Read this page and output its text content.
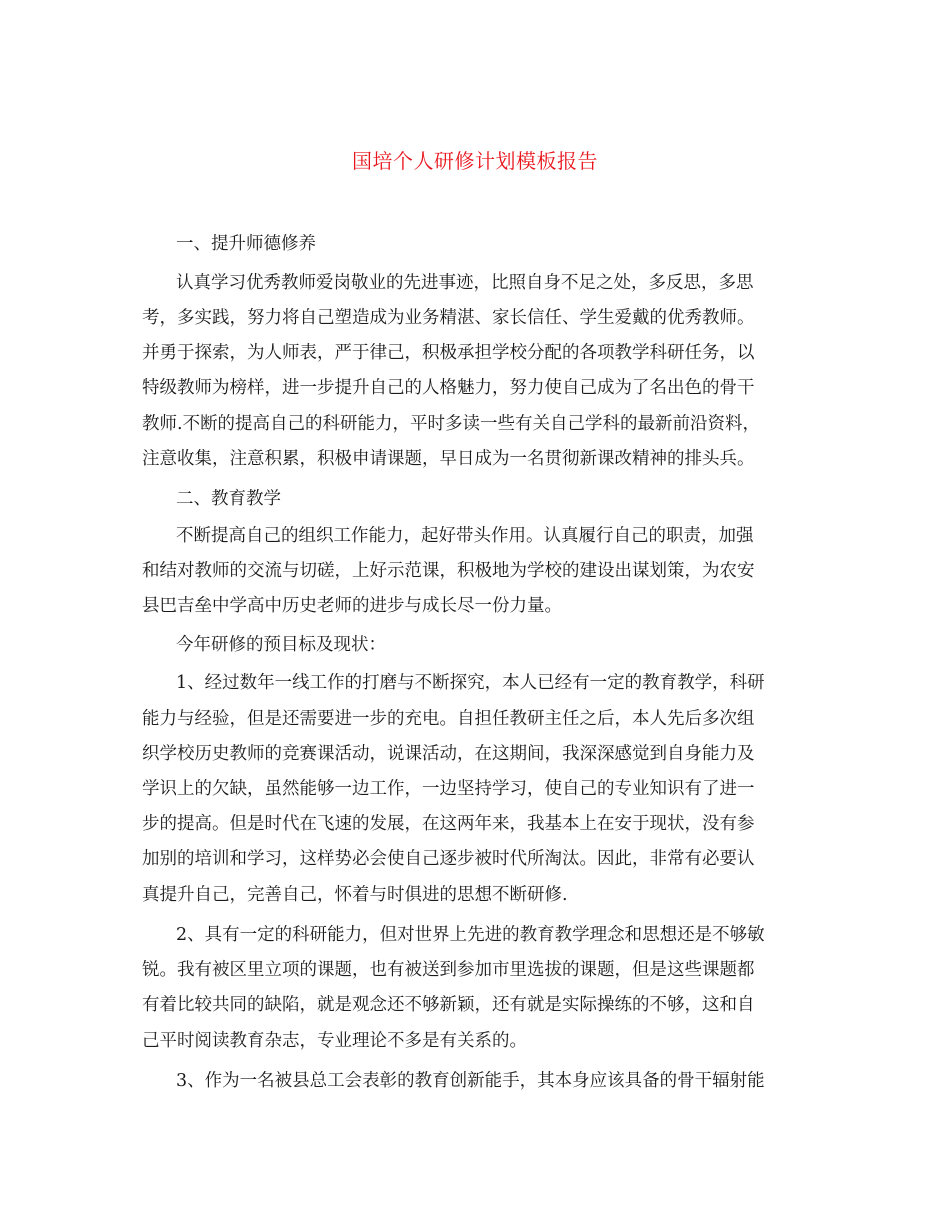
国培个人研修计划模板报告
一、提升师德修养
认真学习优秀教师爱岗敬业的先进事迹，比照自身不足之处，多反思，多思
考，多实践，努力将自己塑造成为业务精湛、家长信任、学生爱戴的优秀教师。
并勇于探索，为人师表，严于律己，积极承担学校分配的各项教学科研任务，以
特级教师为榜样，进一步提升自己的人格魅力，努力使自己成为了名出色的骨干
教师.不断的提高自己的科研能力，平时多读一些有关自己学科的最新前沿资料，
注意收集，注意积累，积极申请课题，早日成为一名贯彻新课改精神的排头兵。
二、教育教学
不断提高自己的组织工作能力，起好带头作用。认真履行自己的职责，加强
和结对教师的交流与切磋，上好示范课，积极地为学校的建设出谋划策，为农安
县巴吉垒中学高中历史老师的进步与成长尽一份力量。
今年研修的预目标及现状：
1、经过数年一线工作的打磨与不断探究，本人已经有一定的教育教学，科研
能力与经验，但是还需要进一步的充电。自担任教研主任之后，本人先后多次组
织学校历史教师的竞赛课活动，说课活动，在这期间，我深深感觉到自身能力及
学识上的欠缺，虽然能够一边工作，一边坚持学习，使自己的专业知识有了进一
步的提高。但是时代在飞速的发展，在这两年来，我基本上在安于现状，没有参
加别的培训和学习，这样势必会使自己逐步被时代所淘汰。因此，非常有必要认
真提升自己，完善自己，怀着与时俱进的思想不断研修.
2、具有一定的科研能力，但对世界上先进的教育教学理念和思想还是不够敏
锐。我有被区里立项的课题，也有被送到参加市里选拔的课题，但是这些课题都
有着比较共同的缺陷，就是观念还不够新颖，还有就是实际操练的不够，这和自
己平时阅读教育杂志，专业理论不多是有关系的。
3、作为一名被县总工会表彰的教育创新能手，其本身应该具备的骨干辐射能
